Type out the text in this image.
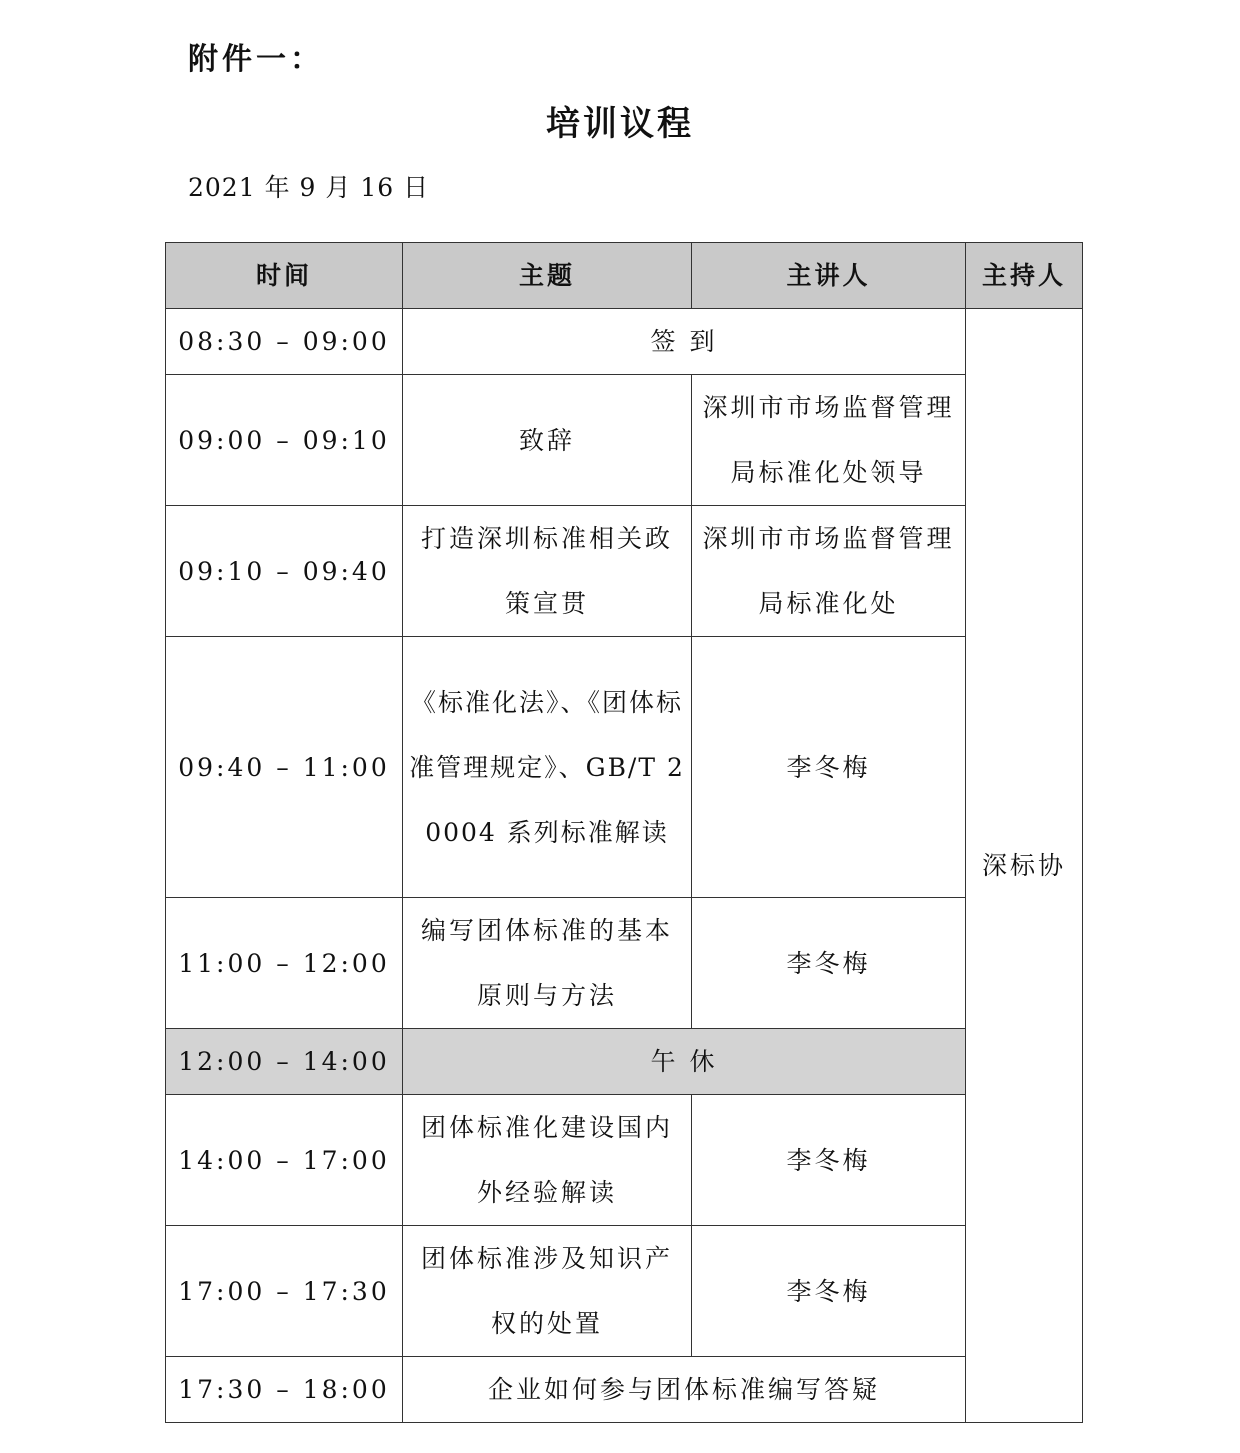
附件一：
培训议程
2021 年 9 月 16 日
时间	主题	主讲人	主持人
08:30 – 09:00	签 到		深标协
09:00 – 09:10	致辞	深圳市市场监督管理局标准化处领导	
09:10 – 09:40	打造深圳标准相关政策宣贯	深圳市市场监督管理局标准化处	
09:40 – 11:00	《标准化法》、《团体标准管理规定》、GB/T 20004 系列标准解读	李冬梅	
11:00 – 12:00	编写团体标准的基本原则与方法	李冬梅	
12:00 – 14:00	午 休		
14:00 – 17:00	团体标准化建设国内外经验解读	李冬梅	
17:00 – 17:30	团体标准涉及知识产权的处置	李冬梅	
17:30 – 18:00	企业如何参与团体标准编写答疑		
